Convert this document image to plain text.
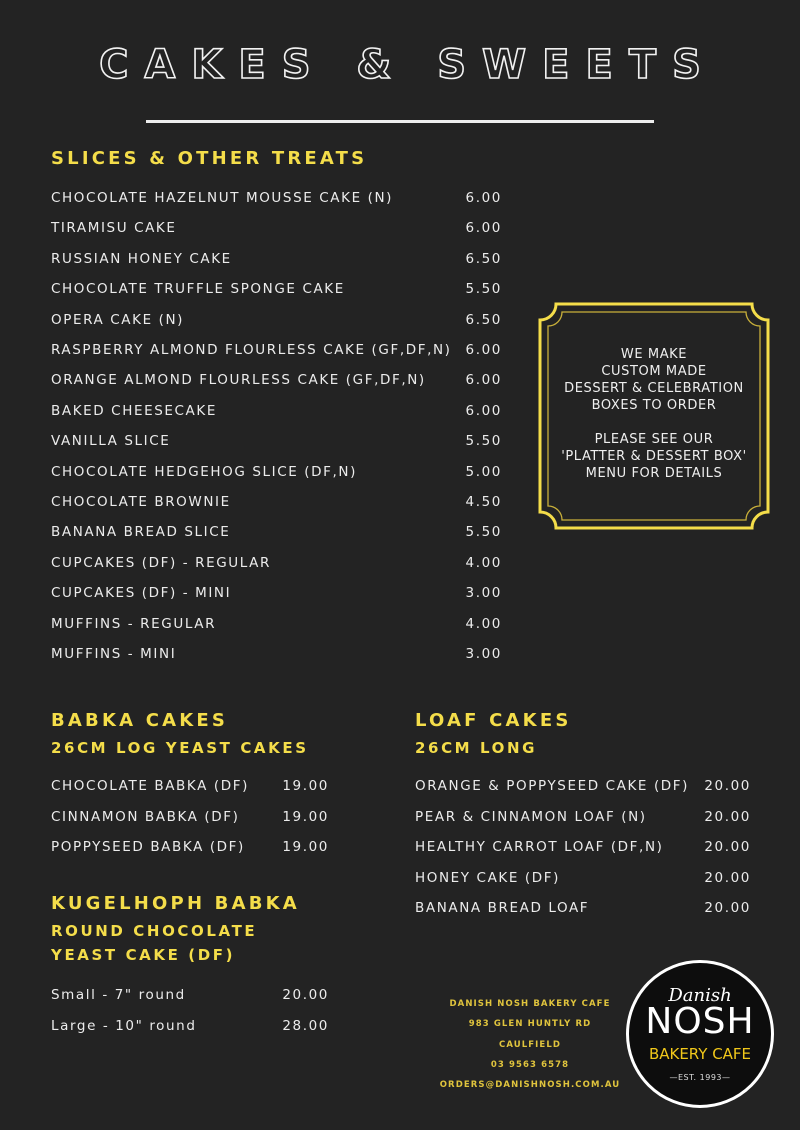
CAKES & SWEETS
SLICES & OTHER TREATS
CHOCOLATE HAZELNUT MOUSSE CAKE (N)	6.00
TIRAMISU CAKE	6.00
RUSSIAN HONEY CAKE	6.50
CHOCOLATE TRUFFLE SPONGE CAKE	5.50
OPERA CAKE (N)	6.50
RASPBERRY ALMOND FLOURLESS CAKE (GF,DF,N) 6.00
ORANGE ALMOND FLOURLESS CAKE (GF,DF,N)	6.00
BAKED CHEESECAKE	6.00
VANILLA SLICE	5.50
CHOCOLATE HEDGEHOG SLICE (DF,N)	5.00
CHOCOLATE BROWNIE	4.50
BANANA BREAD SLICE	5.50
CUPCAKES (DF) - REGULAR	4.00
CUPCAKES (DF) - MINI	3.00
MUFFINS - REGULAR	4.00
MUFFINS - MINI	3.00
WE MAKE
CUSTOM MADE
DESSERT & CELEBRATION
BOXES TO ORDER
PLEASE SEE OUR
'PLATTER & DESSERT BOX'
MENU FOR DETAILS
BABKA CAKES
26CM LOG YEAST CAKES
CHOCOLATE BABKA (DF) 19.00
CINNAMON BABKA (DF)	19.00
POPPYSEED BABKA (DF)	19.00
KUGELHOPH BABKA
ROUND CHOCOLATE
YEAST CAKE (DF)
Small - 7" round	20.00
Large - 10" round	28.00
LOAF CAKES
26CM LONG
ORANGE & POPPYSEED CAKE (DF) 20.00
PEAR & CINNAMON LOAF (N)	20.00
HEALTHY CARROT LOAF (DF,N)	20.00
HONEY CAKE (DF)	20.00
BANANA BREAD LOAF	20.00
DANISH NOSH BAKERY CAFE
983 GLEN HUNTLY RD
CAULFIELD
03 9563 6578
ORDERS@DANISHNOSH.COM.AU
Danish
NOSH
BAKERY CAFE
—EST. 1993—
